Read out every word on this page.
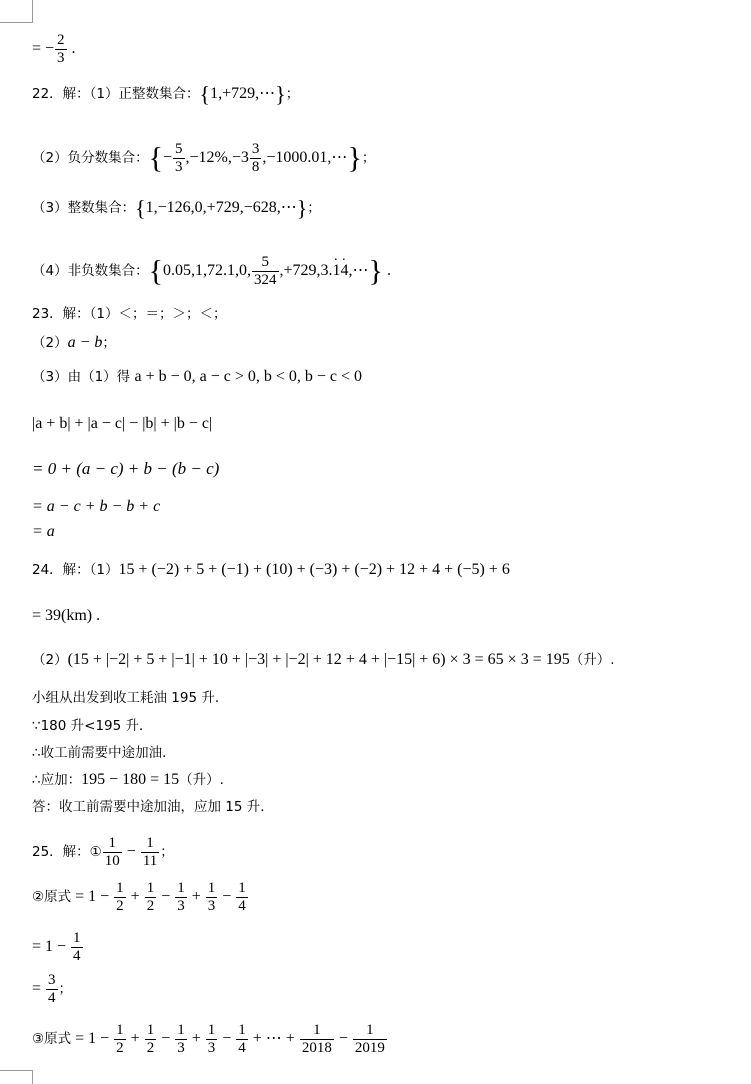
= − $\frac{2}{3}$ .
22．解：（1）正整数集合：{1,+729,⋯}；
（2）负分数集合：{− $\frac{5}{3} ,-12\%,-3 \frac{3}{8}$ ,−1000.01,⋯}；
（3）整数集合：{1,−126,0,+729,−628,⋯}；
（4）非负数集合：{0.05,1,72.1,0, $\frac{5}{324} ,+729,3.\cdot 1\cdot$ 4,⋯} .
23．解：（1）＜；＝；＞；＜；
（2）a − b；
（3）由（1）得 a + b − 0, a − c > 0, b < 0, b − c < 0
|a + b| + |a − c| − |b| + |b − c|
= 0 + (a − c) + b − (b − c)
= a − c + b − b + c
= a
24．解：（1）15 + (−2) + 5 + (−1) + (10) + (−3) + (−2) + 12 + 4 + (−5) + 6
= 39(km) .
（2）(15 + |−2| + 5 + |−1| + 10 + |−3| + |−2| + 12 + 4 + |−15| + 6) × 3 = 65 × 3 = 195（升）.
小组从出发到收工耗油 195 升．
∵180 升<195 升．
∴收工前需要中途加油．
∴应加：195 − 180 = 15（升）.
答：收工前需要中途加油，应加 15 升．
25．解：① $\frac{1}{10} - \frac{1}{11}$ ；
②原式 = $1 - \frac{1}{2} + \frac{1}{2} - \frac{1}{3} + \frac{1}{3} - \frac{1}{4}$
= $1 - \frac{1}{4}$
= $\frac{3}{4}$ ；
③原式 = $1 - \frac{1}{2} + \frac{1}{2} - \frac{1}{3} + \frac{1}{3} - \frac{1}{4}$ + ⋯ + $\frac{1}{2018} - \frac{1}{2019}$
